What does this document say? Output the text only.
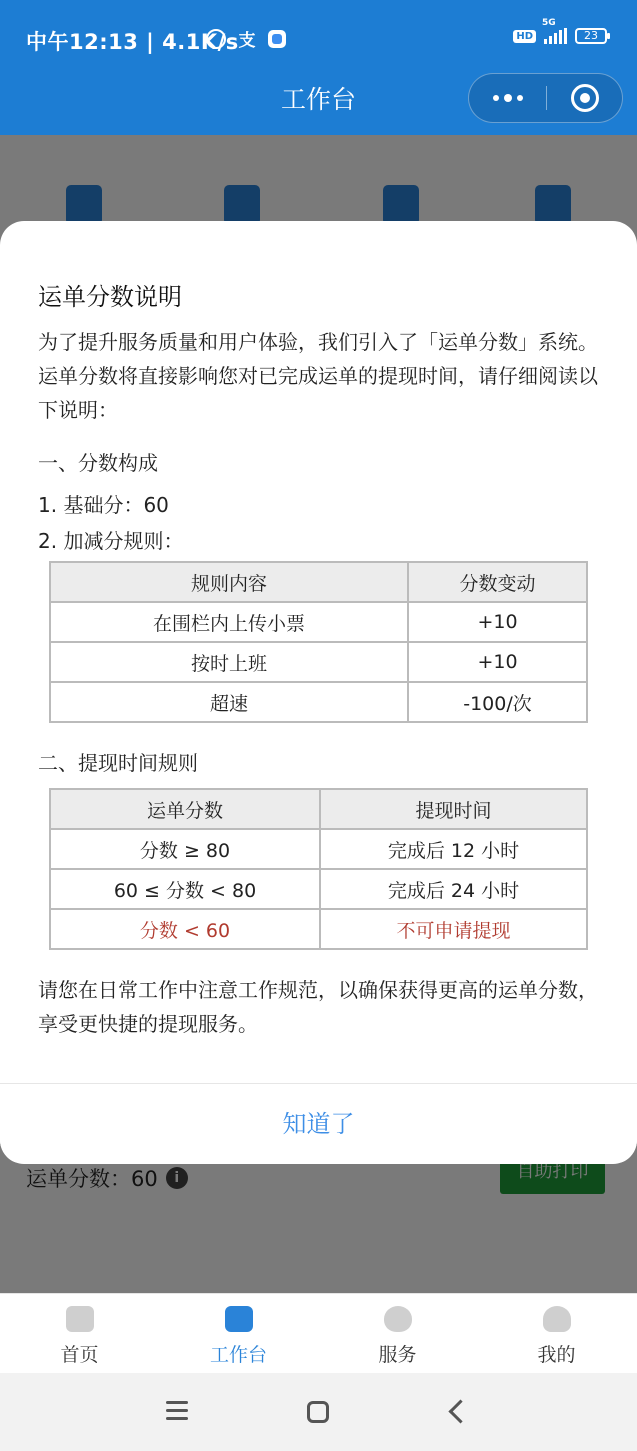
中午12:13 | 4.1K/s 支	HD
5G
23
工作台
运单分数说明
为了提升服务质量和用户体验，我们引入了「运单分数」系统。运单分数将直接影响您对已完成运单的提现时间，请仔细阅读以下说明：
一、分数构成
1. 基础分：60
2. 加减分规则：
规则内容	分数变动
在围栏内上传小票	+10
按时上班	+10
超速	-100/次
二、提现时间规则
运单分数	提现时间
分数 ≥ 80	完成后 12 小时
60 ≤ 分数 < 80	完成后 24 小时
分数 < 60	不可申请提现
请您在日常工作中注意工作规范，以确保获得更高的运单分数，享受更快捷的提现服务。
知道了
首页	工作台	服务	我的
